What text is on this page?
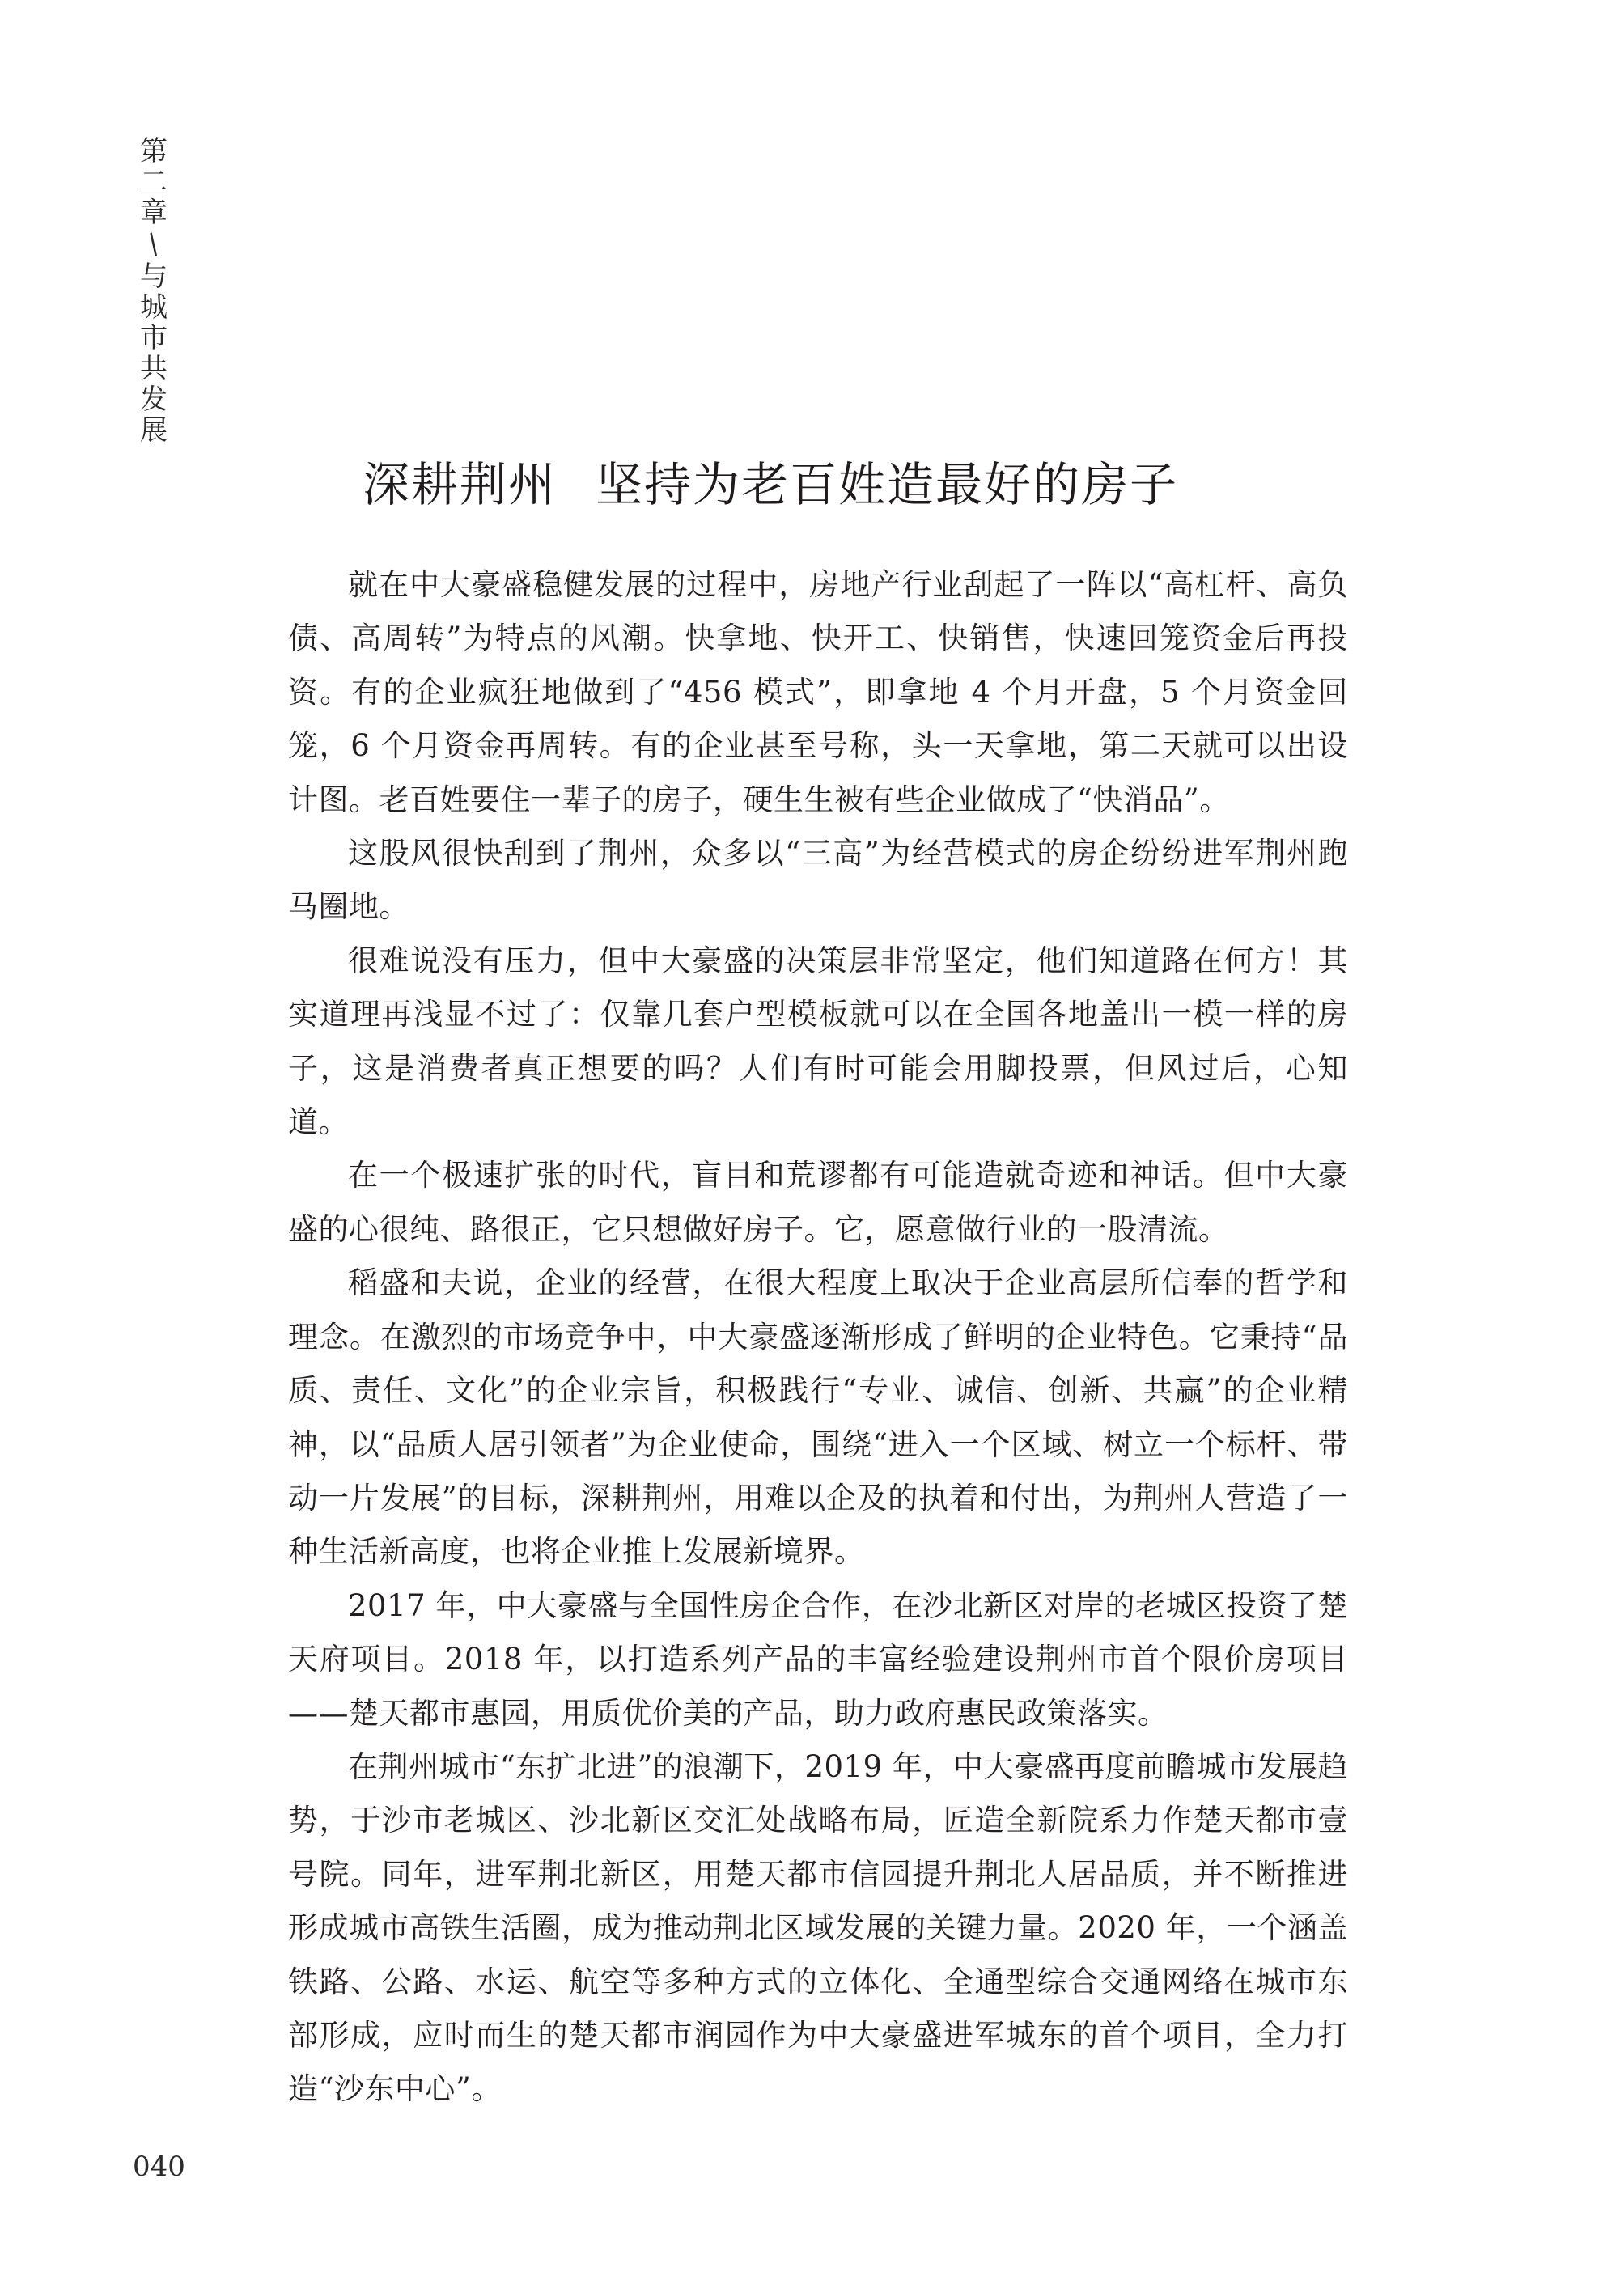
第
二
章
/
与
城
市
共
发
展
深耕荆州 坚持为老百姓造最好的房子

就在中大豪盛稳健发展的过程中，房地产行业刮起了一阵以“高杠杆、高负债、高周转”为特点的风潮。快拿地、快开工、快销售，快速回笼资金后再投资。有的企业疯狂地做到了“456 模式”，即拿地 4 个月开盘，5 个月资金回笼，6 个月资金再周转。有的企业甚至号称，头一天拿地，第二天就可以出设计图。老百姓要住一辈子的房子，硬生生被有些企业做成了“快消品”。

这股风很快刮到了荆州，众多以“三高”为经营模式的房企纷纷进军荆州跑马圈地。

很难说没有压力，但中大豪盛的决策层非常坚定，他们知道路在何方！其实道理再浅显不过了：仅靠几套户型模板就可以在全国各地盖出一模一样的房子，这是消费者真正想要的吗？人们有时可能会用脚投票，但风过后，心知道。

在一个极速扩张的时代，盲目和荒谬都有可能造就奇迹和神话。但中大豪盛的心很纯、路很正，它只想做好房子。它，愿意做行业的一股清流。

稻盛和夫说，企业的经营，在很大程度上取决于企业高层所信奉的哲学和理念。在激烈的市场竞争中，中大豪盛逐渐形成了鲜明的企业特色。它秉持“品质、责任、文化”的企业宗旨，积极践行“专业、诚信、创新、共赢”的企业精神，以“品质人居引领者”为企业使命，围绕“进入一个区域、树立一个标杆、带动一片发展”的目标，深耕荆州，用难以企及的执着和付出，为荆州人营造了一种生活新高度，也将企业推上发展新境界。

2017 年，中大豪盛与全国性房企合作，在沙北新区对岸的老城区投资了楚天府项目。2018 年，以打造系列产品的丰富经验建设荆州市首个限价房项目——楚天都市惠园，用质优价美的产品，助力政府惠民政策落实。

在荆州城市“东扩北进”的浪潮下，2019 年，中大豪盛再度前瞻城市发展趋势，于沙市老城区、沙北新区交汇处战略布局，匠造全新院系力作楚天都市壹号院。同年，进军荆北新区，用楚天都市信园提升荆北人居品质，并不断推进形成城市高铁生活圈，成为推动荆北区域发展的关键力量。2020 年，一个涵盖铁路、公路、水运、航空等多种方式的立体化、全通型综合交通网络在城市东部形成，应时而生的楚天都市润园作为中大豪盛进军城东的首个项目，全力打造“沙东中心”。

040
